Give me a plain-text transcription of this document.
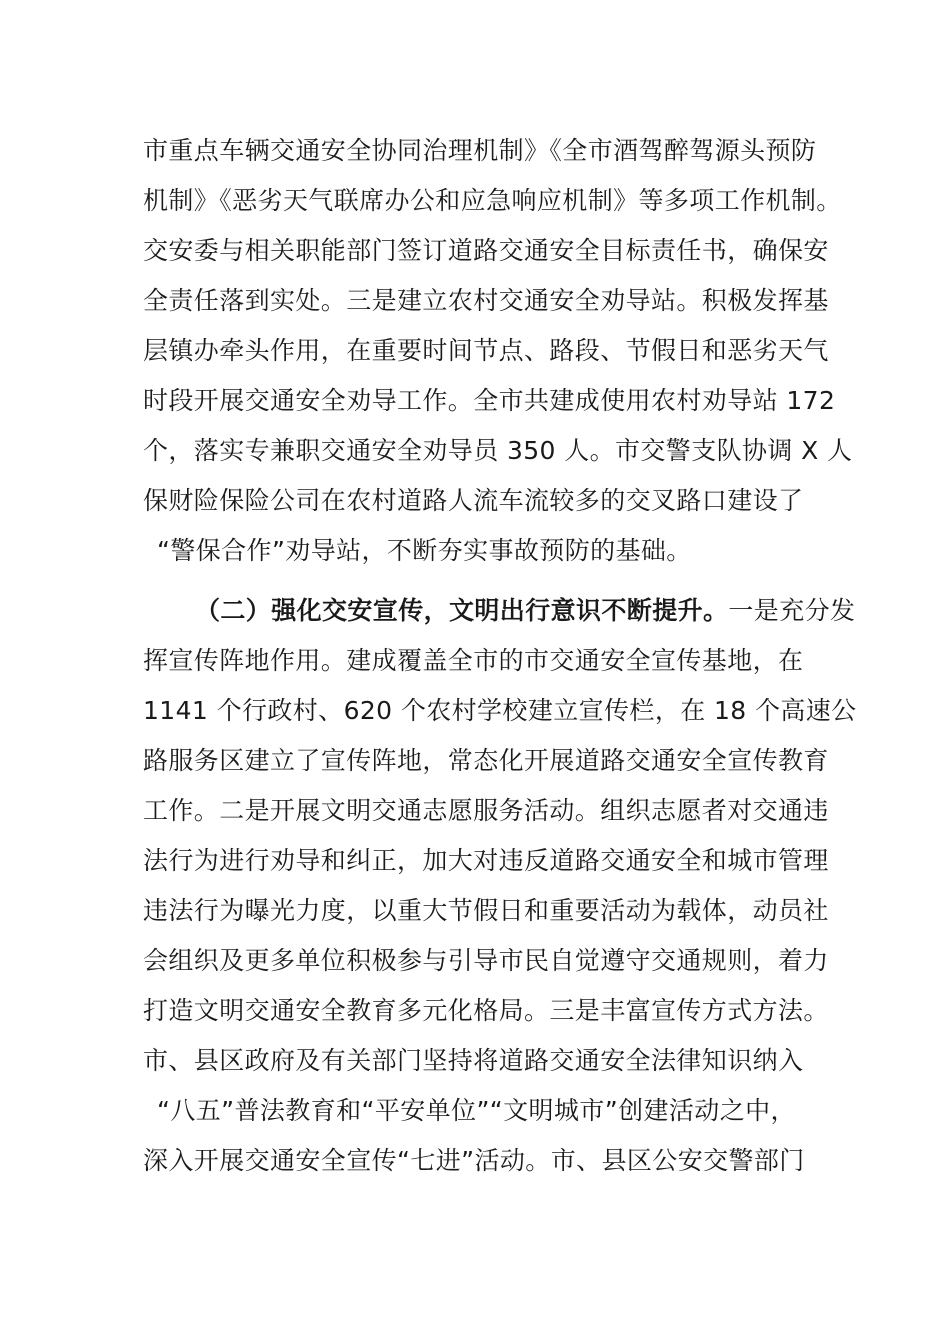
市重点车辆交通安全协同治理机制》《全市酒驾醉驾源头预防
机制》《恶劣天气联席办公和应急响应机制》等多项工作机制。
交安委与相关职能部门签订道路交通安全目标责任书，确保安
全责任落到实处。三是建立农村交通安全劝导站。积极发挥基
层镇办牵头作用，在重要时间节点、路段、节假日和恶劣天气
时段开展交通安全劝导工作。全市共建成使用农村劝导站 172
个，落实专兼职交通安全劝导员 350 人。市交警支队协调 X 人
保财险保险公司在农村道路人流车流较多的交叉路口建设了
“警保合作”劝导站，不断夯实事故预防的基础。
（二）强化交安宣传，文明出行意识不断提升。一是充分发
挥宣传阵地作用。建成覆盖全市的市交通安全宣传基地，在
1141 个行政村、620 个农村学校建立宣传栏，在 18 个高速公
路服务区建立了宣传阵地，常态化开展道路交通安全宣传教育
工作。二是开展文明交通志愿服务活动。组织志愿者对交通违
法行为进行劝导和纠正，加大对违反道路交通安全和城市管理
违法行为曝光力度，以重大节假日和重要活动为载体，动员社
会组织及更多单位积极参与引导市民自觉遵守交通规则，着力
打造文明交通安全教育多元化格局。三是丰富宣传方式方法。
市、县区政府及有关部门坚持将道路交通安全法律知识纳入
“八五”普法教育和“平安单位”“文明城市”创建活动之中，
深入开展交通安全宣传“七进”活动。市、县区公安交警部门
